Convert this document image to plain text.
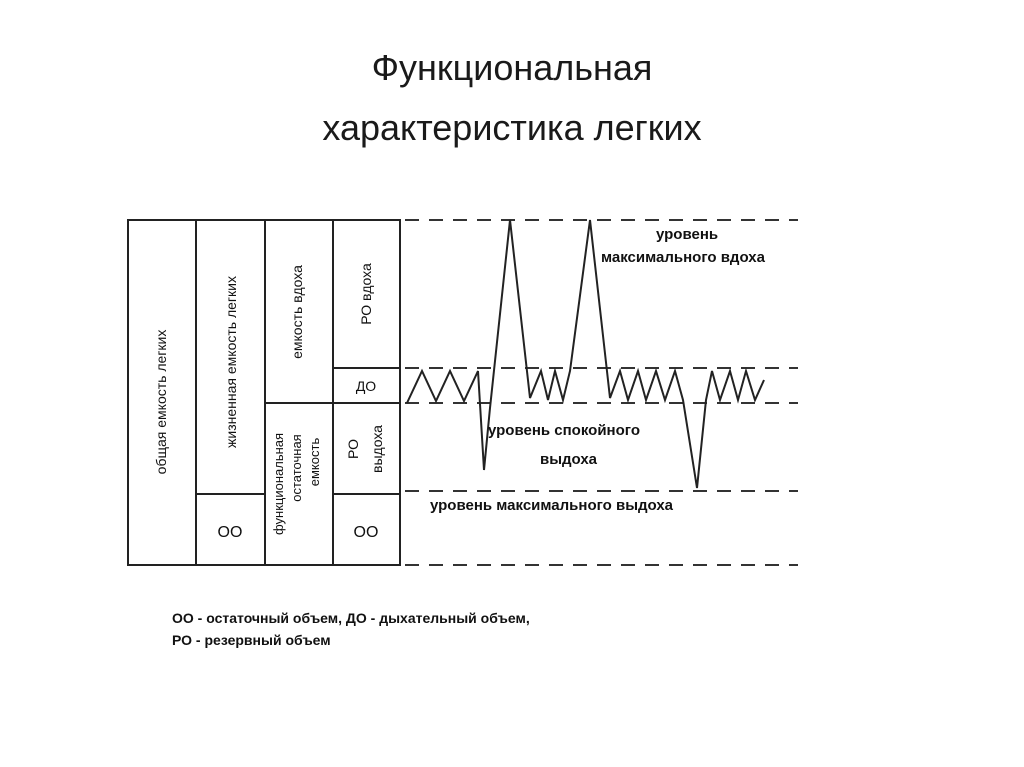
Функциональная
характеристика легких
общая емкость легких	жизненная емкость легких
ОО
емкость вдоха
функциональная остаточная емкость
РО вдоха
ДО
РО выдоха
ОО
уровень
максимального вдоха
уровень спокойного
выдоха
уровень максимального выдоха
ОО - остаточный объем, ДО - дыхательный объем,
РО - резервный объем
